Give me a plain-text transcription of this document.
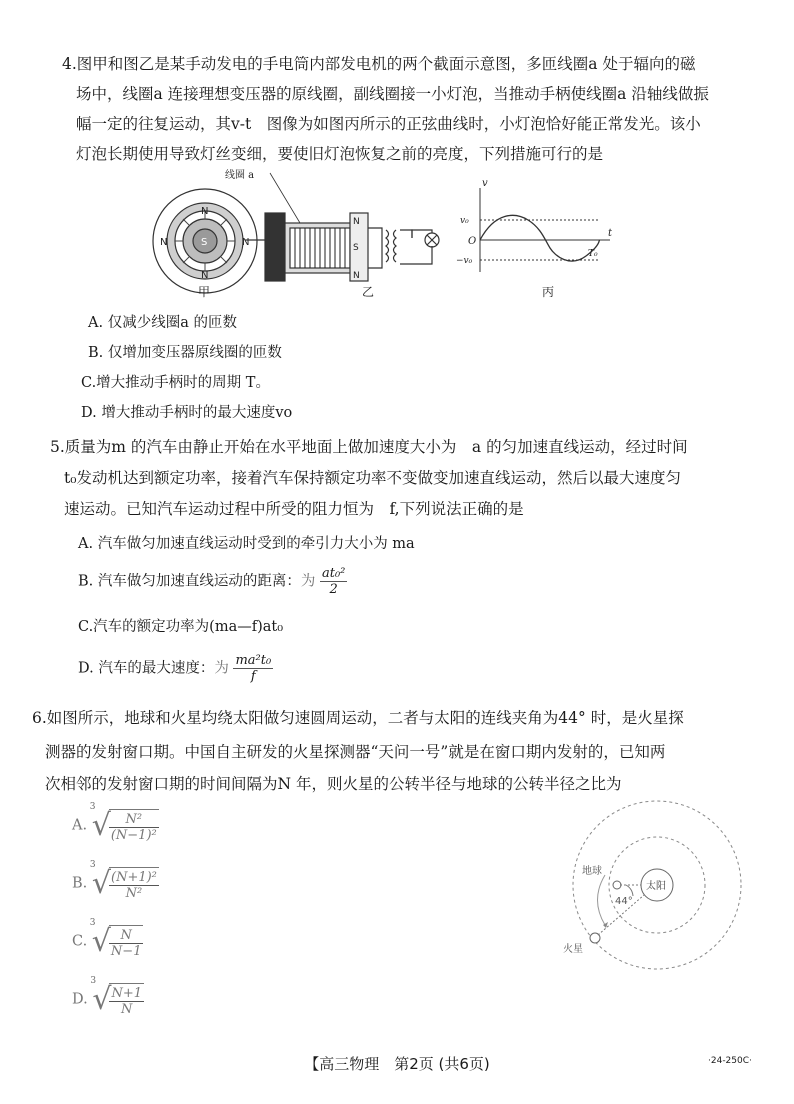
4.图甲和图乙是某手动发电的手电筒内部发电机的两个截面示意图，多匝线圈a 处于辐向的磁
场中，线圈a 连接理想变压器的原线圈，副线圈接一小灯泡，当推动手柄使线圈a 沿轴线做振
幅一定的往复运动，其v-t　图像为如图丙所示的正弦曲线时，小灯泡恰好能正常发光。该小
灯泡长期使用导致灯丝变细，要使旧灯泡恢复之前的亮度，下列措施可行的是
N
N
N	N
S
线圈 a
N
S
N
v
t
O
v₀
−v₀
T₀
甲	乙	丙
A. 仅减少线圈a 的匝数
B. 仅增加变压器原线圈的匝数
C.增大推动手柄时的周期 T。
D. 增大推动手柄时的最大速度vo
5.质量为m 的汽车由静止开始在水平地面上做加速度大小为　a 的匀加速直线运动，经过时间
t₀发动机达到额定功率，接着汽车保持额定功率不变做变加速直线运动，然后以最大速度匀
速运动。已知汽车运动过程中所受的阻力恒为　f,下列说法正确的是
A. 汽车做匀加速直线运动时受到的牵引力大小为 ma
B. 汽车做匀加速直线运动的距离：为 $\frac{\text{at₀²}}{2}$
C.汽车的额定功率为(ma—f)at₀
D. 汽车的最大速度：为 $\frac{\text{ma²t₀}}{f}$
6.如图所示，地球和火星均绕太阳做匀速圆周运动，二者与太阳的连线夹角为44° 时，是火星探
测器的发射窗口期。中国自主研发的火星探测器“天问一号”就是在窗口期内发射的，已知两
次相邻的发射窗口期的时间间隔为N 年，则火星的公转半径与地球的公转半径之比为
A.
3
√
$\frac{\text{N²}}{\text{(N−1)²}}$
B.
3
√
$\frac{\text{(N+1)²}}{\text{N²}}$
C.
3
√
$\frac{N}{N-1}$
D.
3
√
$\frac{N+1}{N}$
地球
太阳
火星
44°
【高三物理　第2页 (共6页)	·24-250C·
